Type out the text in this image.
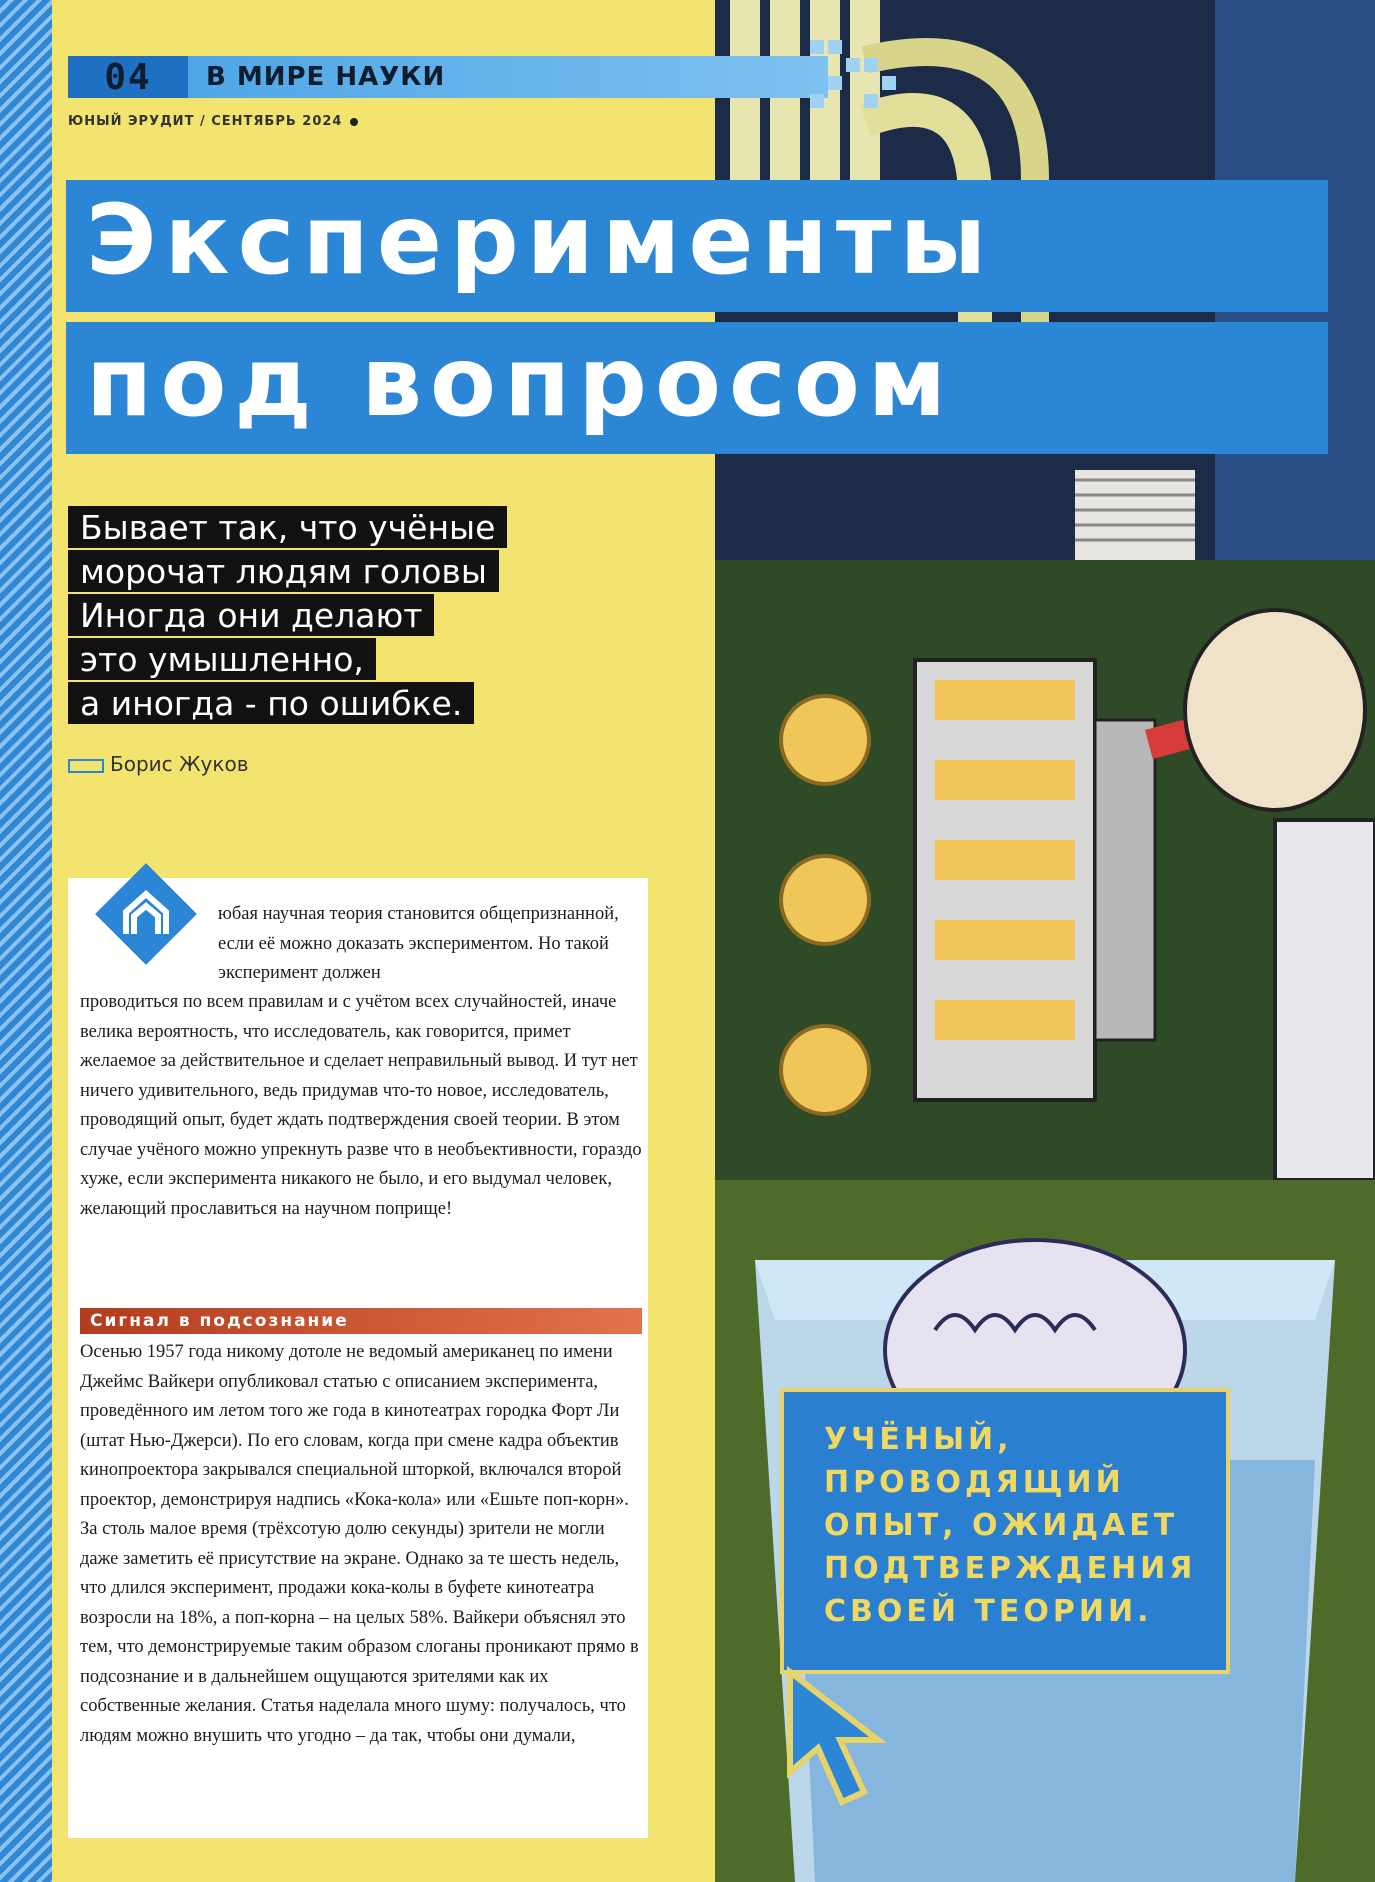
04	В МИРЕ НАУКИ
ЮНЫЙ ЭРУДИТ / СЕНТЯБРЬ 2024
Эксперименты
под вопросом
Бывает так, что учёные
морочат людям головы
Иногда они делают
это умышленно,
а иногда - по ошибке.
Борис Жуков
юбая научная теория становится общепризнанной, если её можно доказать экспериментом. Но такой эксперимент должен
проводиться по всем правилам и с учётом всех случайностей, иначе велика вероятность, что исследователь, как говорится, примет желаемое за действительное и сделает неправильный вывод. И тут нет ничего удивительного, ведь придумав что-то новое, исследователь, проводящий опыт, будет ждать подтверждения своей теории. В этом случае учёного можно упрекнуть разве что в необъективности, гораздо хуже, если эксперимента никакого не было, и его выдумал человек, желающий прославиться на научном поприще!
Сигнал в подсознание
Осенью 1957 года никому дотоле не ведомый американец по имени Джеймс Вайкери опубликовал статью с описанием эксперимента, проведённого им летом того же года в кинотеатрах городка Форт Ли (штат Нью-Джерси). По его словам, когда при смене кадра объектив кинопроектора закрывался специальной шторкой, включался второй проектор, демонстрируя надпись «Кока-кола» или «Ешьте поп-корн». За столь малое время (трёхсотую долю секунды) зрители не могли даже заметить её присутствие на экране. Однако за те шесть недель, что длился эксперимент, продажи кока-колы в буфете кинотеатра возросли на 18%, а поп-корна – на целых 58%. Вайкери объяснял это тем, что демонстрируемые таким образом слоганы проникают прямо в подсознание и в дальнейшем ощущаются зрителями как их собственные желания. Статья наделала много шуму: получалось, что людям можно внушить что угодно – да так, чтобы они думали,
УЧЁНЫЙ, ПРОВОДЯЩИЙ ОПЫТ, ОЖИДАЕТ ПОДТВЕРЖДЕНИЯ СВОЕЙ ТЕОРИИ.
